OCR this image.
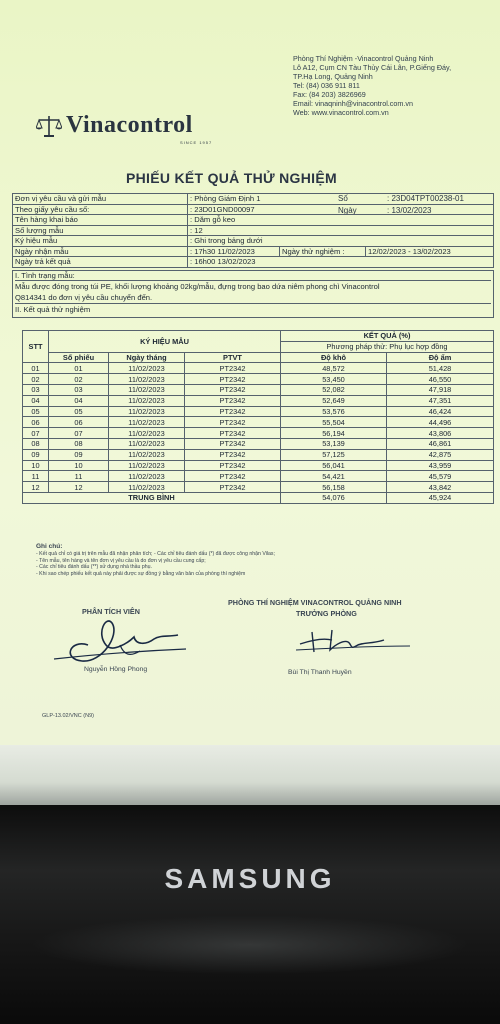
Phòng Thí Nghiệm -Vinacontrol Quảng Ninh
Lô A12, Cụm CN Tàu Thủy Cái Lân, P.Giếng Đáy,
TP.Hạ Long, Quảng Ninh
Tel: (84) 036 911 811
Fax: (84 203) 3826969
Email: vinaqninh@vinacontrol.com.vn
Web: www.vinacontrol.com.vn
Vinacontrol
SINCE 1957
PHIẾU KẾT QUẢ THỬ NGHIỆM
Số	: 23D04TPT00238-01
Ngày	: 13/02/2023
Đơn vị yêu cầu và gửi mẫu	: Phòng Giám Định 1		
Theo giấy yêu cầu số:	: 23D01GND00097		
Tên hàng khai báo	: Dăm gỗ keo		
Số lượng mẫu	: 12		
Ký hiệu mẫu	: Ghi trong bảng dưới		
Ngày nhận mẫu	: 17h30 11/02/2023	Ngày thử nghiệm :	12/02/2023 - 13/02/2023
Ngày trả kết quả	: 16h00 13/02/2023		
I. Tình trạng mẫu:
Mẫu được đóng trong túi PE, khối lượng khoảng 02kg/mẫu, đựng trong bao dứa niêm phong chì Vinacontrol
Q814341 do đơn vị yêu cầu chuyển đến.
II. Kết quả thử nghiệm
STT	KÝ HIỆU MẪU			KẾT QUẢ (%)	
				Phương pháp thử: Phụ lục hợp đồng	
	Số phiếu	Ngày tháng	PTVT	Độ khô	Độ ẩm
01	01	11/02/2023	PT2342	48,572	51,428
02	02	11/02/2023	PT2342	53,450	46,550
03	03	11/02/2023	PT2342	52,082	47,918
04	04	11/02/2023	PT2342	52,649	47,351
05	05	11/02/2023	PT2342	53,576	46,424
06	06	11/02/2023	PT2342	55,504	44,496
07	07	11/02/2023	PT2342	56,194	43,806
08	08	11/02/2023	PT2342	53,139	46,861
09	09	11/02/2023	PT2342	57,125	42,875
10	10	11/02/2023	PT2342	56,041	43,959
11	11	11/02/2023	PT2342	54,421	45,579
12	12	11/02/2023	PT2342	56,158	43,842
TRUNG BÌNH				54,076	45,924
Ghi chú:
- Kết quả chỉ có giá trị trên mẫu đã nhận phân tích; - Các chỉ tiêu đánh dấu (*) đã được công nhận Vilas;
- Tên mẫu, tên hàng và tên đơn vị yêu cầu là do đơn vị yêu cầu cung cấp;
- Các chỉ tiêu đánh dấu (**) sử dụng nhà thầu phụ.
- Khi sao chép phiếu kết quả này phải được sự đồng ý bằng văn bản của phòng thí nghiệm
PHÒNG THÍ NGHIỆM VINACONTROL QUẢNG NINH
PHÂN TÍCH VIÊN	TRƯỞNG PHÒNG
Nguyễn Hồng Phong	Bùi Thị Thanh Huyền
GLP-13.02/VNC (N9)
SAMSUNG
